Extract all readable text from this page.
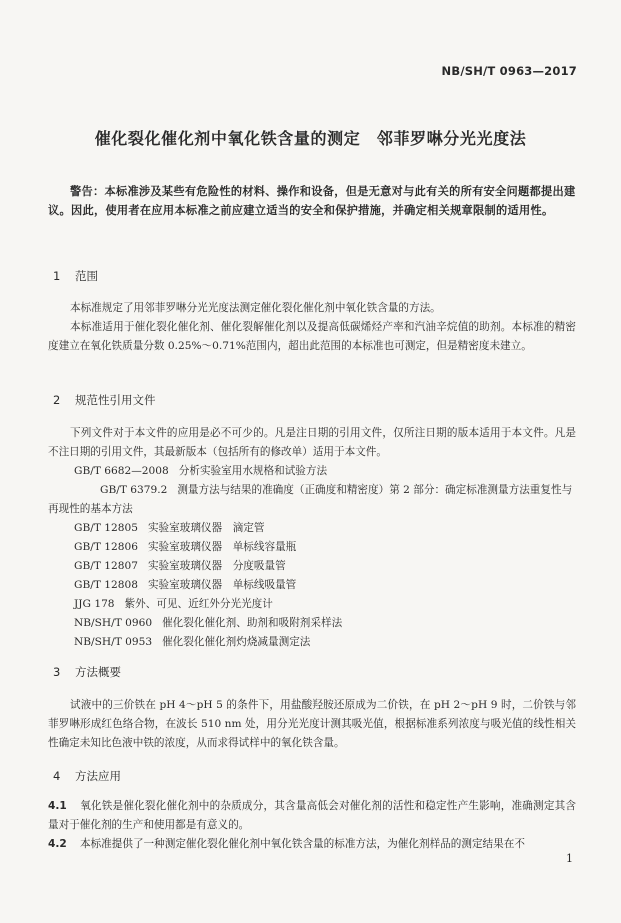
NB/SH/T 0963—2017
催化裂化催化剂中氧化铁含量的测定　邻菲罗啉分光光度法
警告：本标准涉及某些有危险性的材料、操作和设备，但是无意对与此有关的所有安全问题都提出建议。因此，使用者在应用本标准之前应建立适当的安全和保护措施，并确定相关规章限制的适用性。
1 范围
本标准规定了用邻菲罗啉分光光度法测定催化裂化催化剂中氧化铁含量的方法。
本标准适用于催化裂化催化剂、催化裂解催化剂以及提高低碳烯烃产率和汽油辛烷值的助剂。本标准的精密度建立在氧化铁质量分数 0.25%～0.71%范围内，超出此范围的本标准也可测定，但是精密度未建立。
2 规范性引用文件
下列文件对于本文件的应用是必不可少的。凡是注日期的引用文件，仅所注日期的版本适用于本文件。凡是不注日期的引用文件，其最新版本（包括所有的修改单）适用于本文件。
GB/T 6682—2008 分析实验室用水规格和试验方法
GB/T 6379.2 测量方法与结果的准确度（正确度和精密度）第 2 部分：确定标准测量方法重复性与再现性的基本方法
GB/T 12805 实验室玻璃仪器　滴定管
GB/T 12806 实验室玻璃仪器　单标线容量瓶
GB/T 12807 实验室玻璃仪器　分度吸量管
GB/T 12808 实验室玻璃仪器　单标线吸量管
JJG 178 紫外、可见、近红外分光光度计
NB/SH/T 0960 催化裂化催化剂、助剂和吸附剂采样法
NB/SH/T 0953 催化裂化催化剂灼烧减量测定法
3 方法概要
试液中的三价铁在 pH 4～pH 5 的条件下，用盐酸羟胺还原成为二价铁，在 pH 2～pH 9 时，二价铁与邻菲罗啉形成红色络合物，在波长 510 nm 处，用分光光度计测其吸光值，根据标准系列浓度与吸光值的线性相关性确定未知比色液中铁的浓度，从而求得试样中的氧化铁含量。
4 方法应用
4.1 氧化铁是催化裂化催化剂中的杂质成分，其含量高低会对催化剂的活性和稳定性产生影响，准确测定其含量对于催化剂的生产和使用都是有意义的。
4.2 本标准提供了一种测定催化裂化催化剂中氧化铁含量的标准方法，为催化剂样品的测定结果在不
1
